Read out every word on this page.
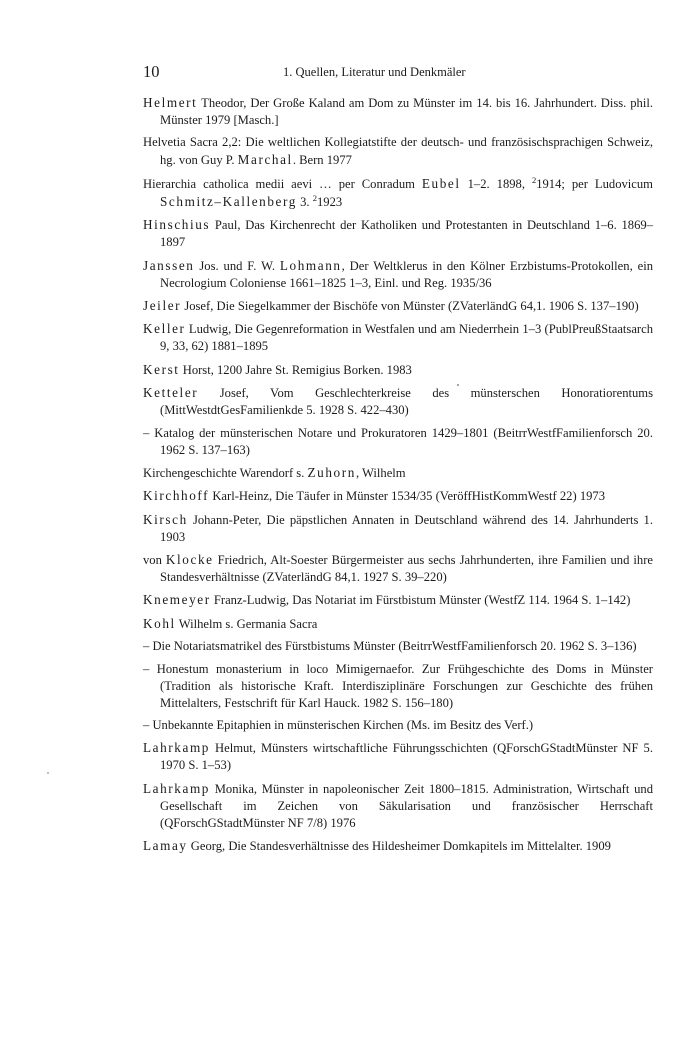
10	1. Quellen, Literatur und Denkmäler
Helmert Theodor, Der Große Kaland am Dom zu Münster im 14. bis 16. Jahrhundert. Diss. phil. Münster 1979 [Masch.]
Helvetia Sacra 2,2: Die weltlichen Kollegiatstifte der deutsch- und französischsprachigen Schweiz, hg. von Guy P. Marchal. Bern 1977
Hierarchia catholica medii aevi … per Conradum Eubel 1–2. 1898, $^2$1914; per Ludovicum Schmitz–Kallenberg 3. $^2$1923
Hinschius Paul, Das Kirchenrecht der Katholiken und Protestanten in Deutschland 1–6. 1869–1897
Janssen Jos. und F. W. Lohmann, Der Weltklerus in den Kölner Erzbistums-Protokollen, ein Necrologium Coloniense 1661–1825 1–3, Einl. und Reg. 1935/36
Jeiler Josef, Die Siegelkammer der Bischöfe von Münster (ZVaterländG 64,1. 1906 S. 137–190)
Keller Ludwig, Die Gegenreformation in Westfalen und am Niederrhein 1–3 (PublPreußStaatsarch 9, 33, 62) 1881–1895
Kerst Horst, 1200 Jahre St. Remigius Borken. 1983
Ketteler Josef, Vom Geschlechterkreise des münsterschen Honoratiorentums (MittWestdtGesFamilienkde 5. 1928 S. 422–430)
– Katalog der münsterischen Notare und Prokuratoren 1429–1801 (BeitrrWestfFamilienforsch 20. 1962 S. 137–163)
Kirchengeschichte Warendorf s. Zuhorn, Wilhelm
Kirchhoff Karl-Heinz, Die Täufer in Münster 1534/35 (VeröffHistKommWestf 22) 1973
Kirsch Johann-Peter, Die päpstlichen Annaten in Deutschland während des 14. Jahrhunderts 1. 1903
von Klocke Friedrich, Alt-Soester Bürgermeister aus sechs Jahrhunderten, ihre Familien und ihre Standesverhältnisse (ZVaterländG 84,1. 1927 S. 39–220)
Knemeyer Franz-Ludwig, Das Notariat im Fürstbistum Münster (WestfZ 114. 1964 S. 1–142)
Kohl Wilhelm s. Germania Sacra
– Die Notariatsmatrikel des Fürstbistums Münster (BeitrrWestfFamilienforsch 20. 1962 S. 3–136)
– Honestum monasterium in loco Mimigernaefor. Zur Frühgeschichte des Doms in Münster (Tradition als historische Kraft. Interdisziplinäre Forschungen zur Geschichte des frühen Mittelalters, Festschrift für Karl Hauck. 1982 S. 156–180)
– Unbekannte Epitaphien in münsterischen Kirchen (Ms. im Besitz des Verf.)
Lahrkamp Helmut, Münsters wirtschaftliche Führungsschichten (QForschGStadtMünster NF 5. 1970 S. 1–53)
Lahrkamp Monika, Münster in napoleonischer Zeit 1800–1815. Administration, Wirtschaft und Gesellschaft im Zeichen von Säkularisation und französischer Herrschaft (QForschGStadtMünster NF 7/8) 1976
Lamay Georg, Die Standesverhältnisse des Hildesheimer Domkapitels im Mittelalter. 1909
